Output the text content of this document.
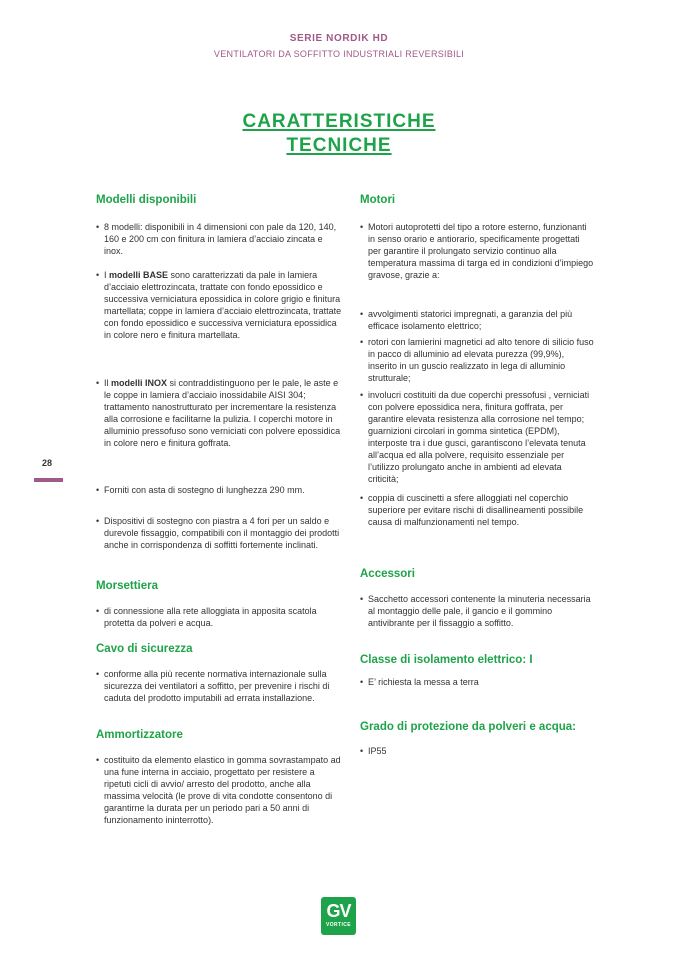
SERIE NORDIK HD
VENTILATORI DA SOFFITTO INDUSTRIALI REVERSIBILI
CARATTERISTICHE
TECNICHE
28
Modelli disponibili
• 8 modelli: disponibili in 4 dimensioni con pale da 120, 140, 160 e 200 cm con finitura in lamiera d’acciaio zincata e inox.
• I modelli BASE sono caratterizzati da pale in lamiera d’acciaio elettrozincata, trattate con fondo epossidico e successiva verniciatura epossidica in colore grigio e finitura martellata; coppe in lamiera d’acciaio elettrozincata, trattate con fondo epossidico e successiva verniciatura epossidica in colore nero e finitura martellata.
• Il modelli INOX si contraddistinguono per le pale, le aste e le coppe in lamiera d’acciaio inossidabile AISI 304; trattamento nanostrutturato per incrementare la resistenza alla corrosione e facilitarne la pulizia. I coperchi motore in alluminio pressofuso sono verniciati con polvere epossidica in colore nero e finitura goffrata.
• Forniti con asta di sostegno di lunghezza 290 mm.
• Dispositivi di sostegno con piastra a 4 fori per un saldo e durevole fissaggio, compatibili con il montaggio dei prodotti anche in corrispondenza di soffitti fortemente inclinati.
Morsettiera
• di connessione alla rete alloggiata in apposita scatola protetta da polveri e acqua.
Cavo di sicurezza
• conforme alla più recente normativa internazionale sulla sicurezza dei ventilatori a soffitto, per prevenire i rischi di caduta del prodotto imputabili ad errata installazione.
Ammortizzatore
• costituito da elemento elastico in gomma sovrastampato ad una fune interna in acciaio, progettato per resistere a ripetuti cicli di avvio/ arresto del prodotto, anche alla massima velocità (le prove di vita condotte consentono di garantirne la durata per un periodo pari a 50 anni di funzionamento ininterrotto).
Motori
• Motori autoprotetti del tipo a rotore esterno, funzionanti in senso orario e antiorario, specificamente progettati per garantire il prolungato servizio continuo alla temperatura massima di targa ed in condizioni d’impiego gravose, grazie a:
• avvolgimenti statorici impregnati, a garanzia del più efficace isolamento elettrico;
• rotori con lamierini magnetici ad alto tenore di silicio fuso in pacco di alluminio ad elevata purezza (99,9%), inserito in un guscio realizzato in lega di alluminio strutturale;
• involucri costituiti da due coperchi pressofusi , verniciati con polvere epossidica nera, finitura goffrata, per garantire elevata resistenza alla corrosione nel tempo; guarnizioni circolari in gomma sintetica (EPDM), interposte tra i due gusci, garantiscono l’elevata tenuta all’acqua ed alla polvere, requisito essenziale per l’utilizzo prolungato anche in ambienti ad elevata criticità;
• coppia di cuscinetti a sfere alloggiati nel coperchio superiore per evitare rischi di disallineamenti possibile causa di malfunzionamenti nel tempo.
Accessori
• Sacchetto accessori contenente la minuteria necessaria al montaggio delle pale, il gancio e il gommino antivibrante per il fissaggio a soffitto.
Classe di isolamento elettrico: I
• E’ richiesta la messa a terra
Grado di protezione da polveri e acqua:
• IP55
GV
VORTICE
